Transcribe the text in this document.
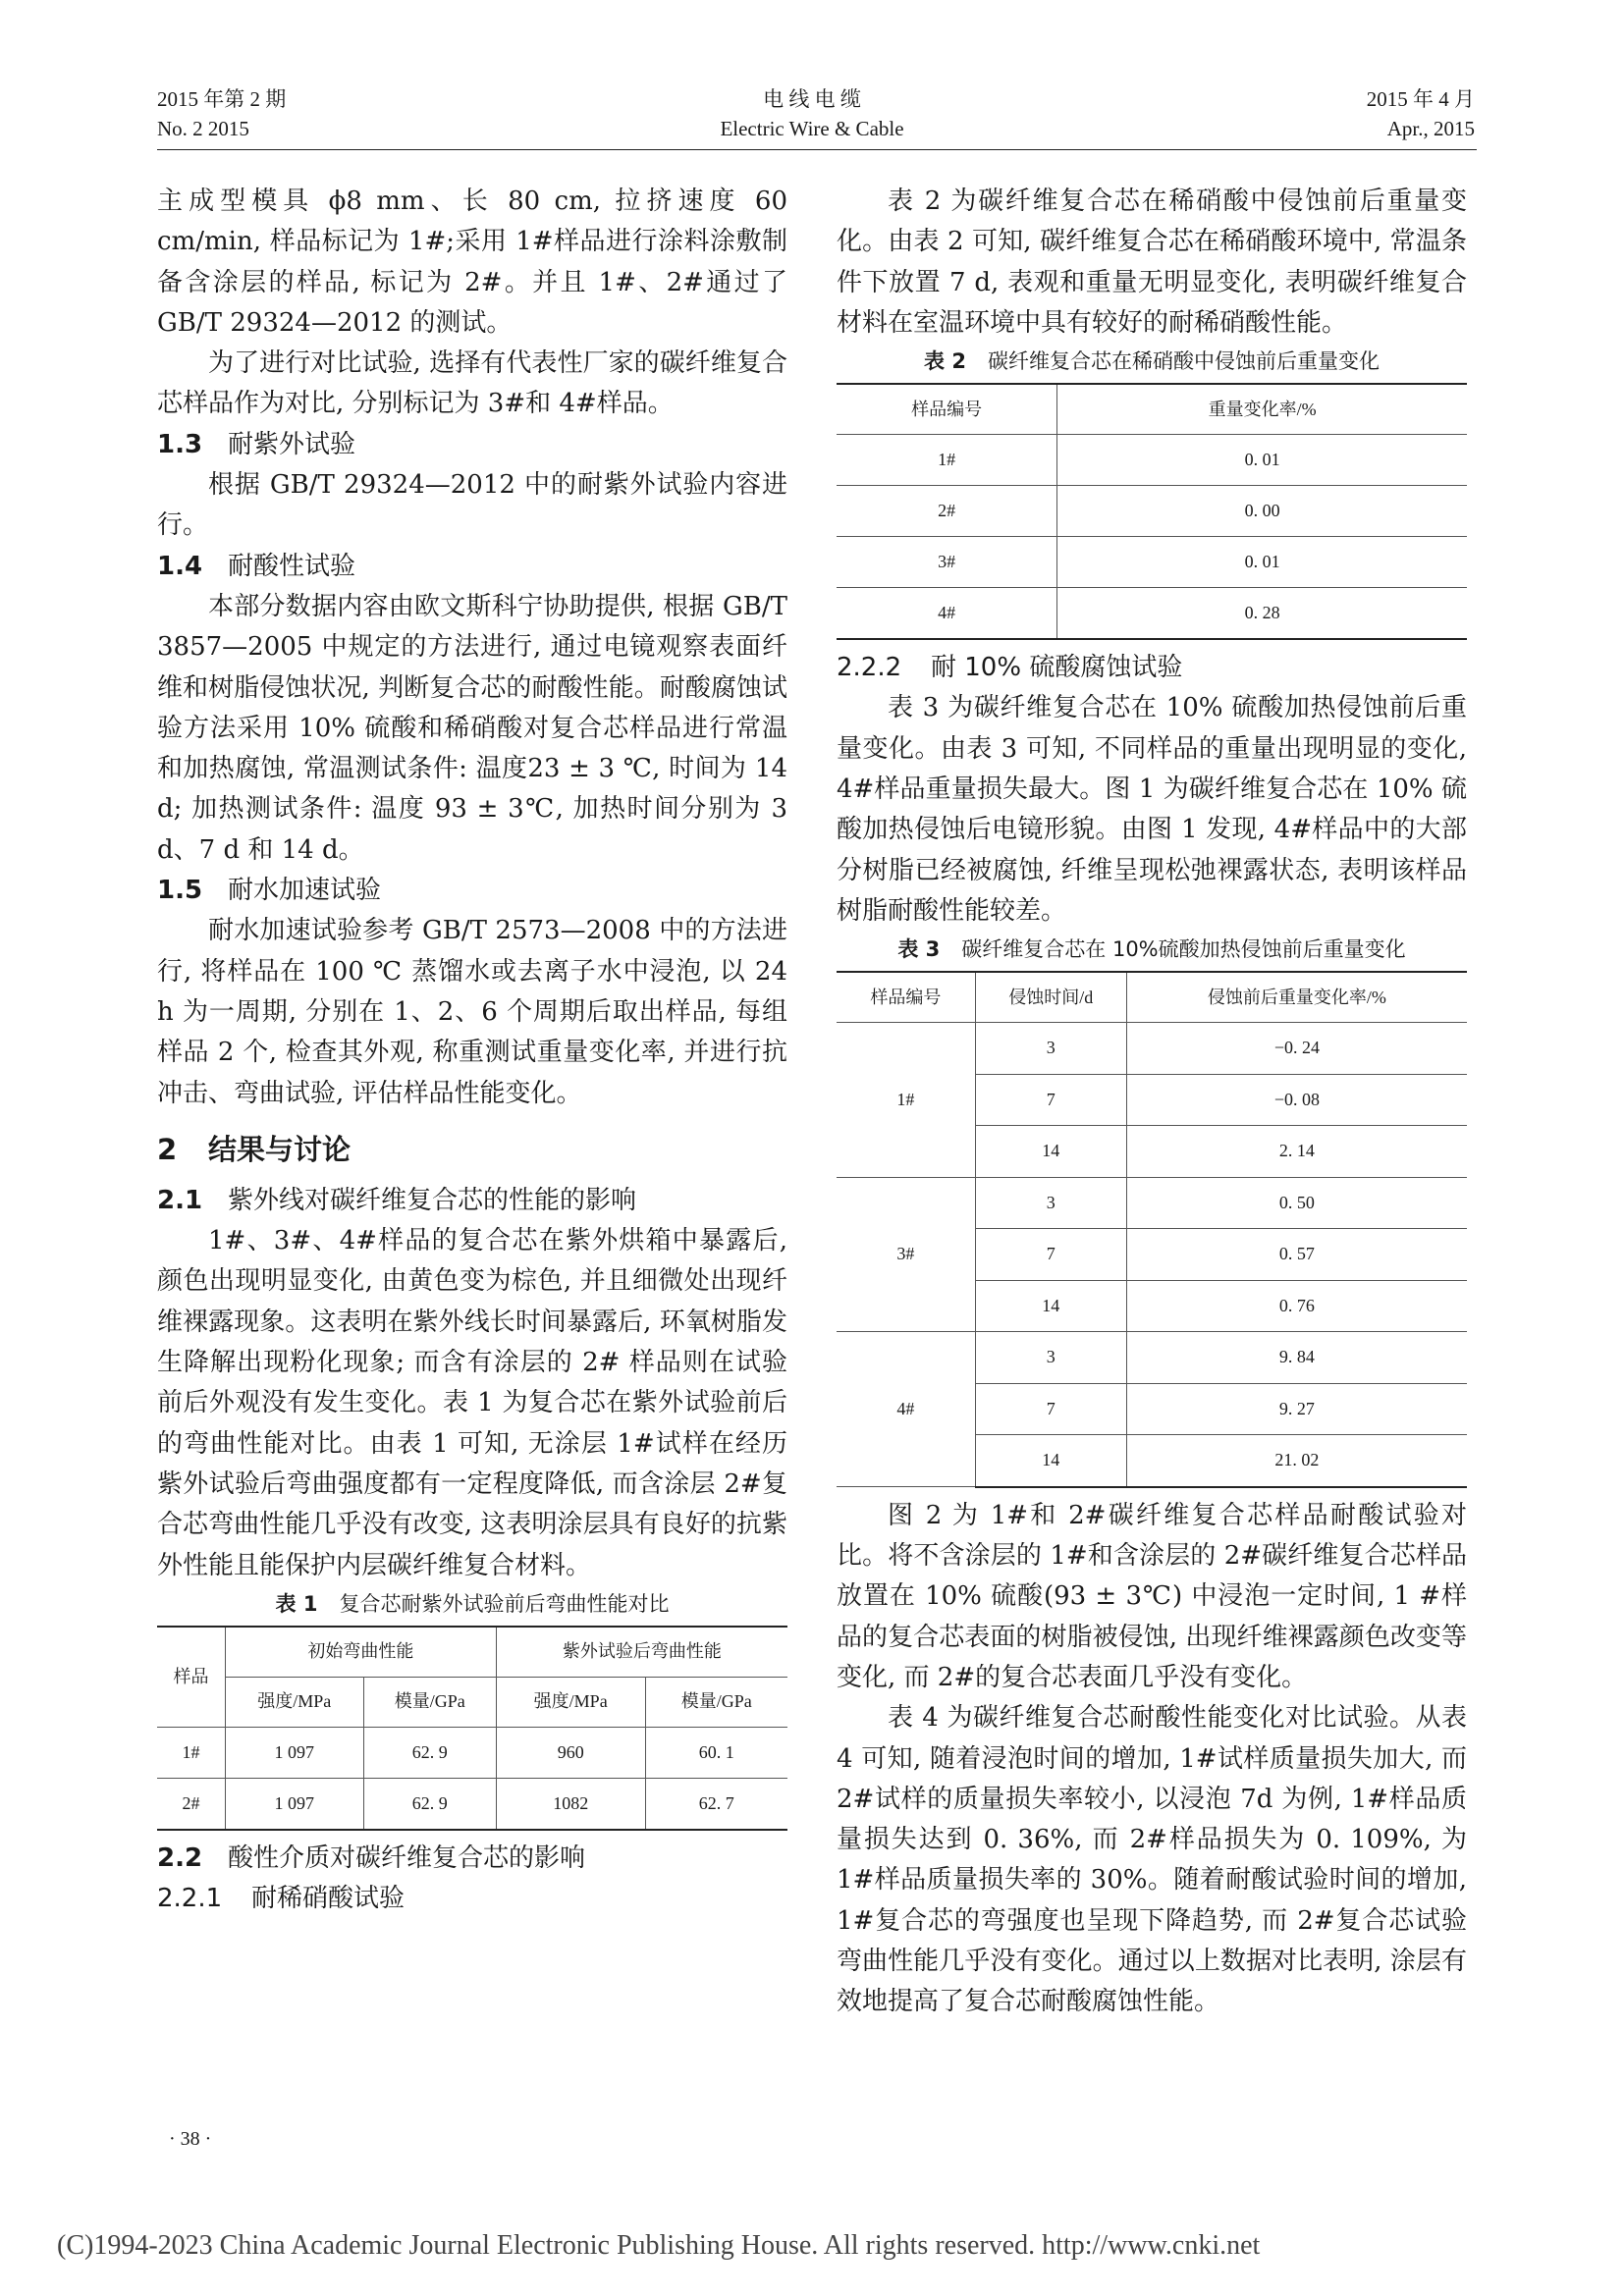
2015 年第 2 期
No. 2 2015
电 线 电 缆
Electric Wire & Cable
2015 年 4 月
Apr., 2015

主成型模具 ϕ8 mm、长 80 cm, 拉挤速度 60 cm/min, 样品标记为 1#;采用 1#样品进行涂料涂敷制备含涂层的样品, 标记为 2#。并且 1#、2#通过了 GB/T 29324—2012 的测试。

为了进行对比试验, 选择有代表性厂家的碳纤维复合芯样品作为对比, 分别标记为 3#和 4#样品。

1.3 耐紫外试验

根据 GB/T 29324—2012 中的耐紫外试验内容进行。

1.4 耐酸性试验

本部分数据内容由欧文斯科宁协助提供, 根据 GB/T 3857—2005 中规定的方法进行, 通过电镜观察表面纤维和树脂侵蚀状况, 判断复合芯的耐酸性能。耐酸腐蚀试验方法采用 10% 硫酸和稀硝酸对复合芯样品进行常温和加热腐蚀, 常温测试条件: 温度23 ± 3 ℃, 时间为 14 d; 加热测试条件: 温度 93 ± 3℃, 加热时间分别为 3 d、7 d 和 14 d。

1.5 耐水加速试验

耐水加速试验参考 GB/T 2573—2008 中的方法进行, 将样品在 100 ℃ 蒸馏水或去离子水中浸泡, 以 24 h 为一周期, 分别在 1、2、6 个周期后取出样品, 每组样品 2 个, 检查其外观, 称重测试重量变化率, 并进行抗冲击、弯曲试验, 评估样品性能变化。

2 结果与讨论
2.1 紫外线对碳纤维复合芯的性能的影响

1#、3#、4#样品的复合芯在紫外烘箱中暴露后, 颜色出现明显变化, 由黄色变为棕色, 并且细微处出现纤维裸露现象。这表明在紫外线长时间暴露后, 环氧树脂发生降解出现粉化现象; 而含有涂层的 2# 样品则在试验前后外观没有发生变化。表 1 为复合芯在紫外试验前后的弯曲性能对比。由表 1 可知, 无涂层 1#试样在经历紫外试验后弯曲强度都有一定程度降低, 而含涂层 2#复合芯弯曲性能几乎没有改变, 这表明涂层具有良好的抗紫外性能且能保护内层碳纤维复合材料。

表 1 复合芯耐紫外试验前后弯曲性能对比
样品	初始弯曲性能		紫外试验后弯曲性能	
	强度/MPa	模量/GPa	强度/MPa	模量/GPa
1#	1 097	62. 9	960	60. 1
2#	1 097	62. 9	1082	62. 7
2.2 酸性介质对碳纤维复合芯的影响
2.2.1 耐稀硝酸试验

表 2 为碳纤维复合芯在稀硝酸中侵蚀前后重量变化。由表 2 可知, 碳纤维复合芯在稀硝酸环境中, 常温条件下放置 7 d, 表观和重量无明显变化, 表明碳纤维复合材料在室温环境中具有较好的耐稀硝酸性能。

表 2 碳纤维复合芯在稀硝酸中侵蚀前后重量变化
样品编号	重量变化率/%
1#	0. 01
2#	0. 00
3#	0. 01
4#	0. 28
2.2.2 耐 10% 硫酸腐蚀试验

表 3 为碳纤维复合芯在 10% 硫酸加热侵蚀前后重量变化。由表 3 可知, 不同样品的重量出现明显的变化, 4#样品重量损失最大。图 1 为碳纤维复合芯在 10% 硫酸加热侵蚀后电镜形貌。由图 1 发现, 4#样品中的大部分树脂已经被腐蚀, 纤维呈现松弛裸露状态, 表明该样品树脂耐酸性能较差。

表 3 碳纤维复合芯在 10%硫酸加热侵蚀前后重量变化
样品编号	侵蚀时间/d	侵蚀前后重量变化率/%
1#	3	−0. 24
	7	−0. 08
	14	2. 14
3#	3	0. 50
	7	0. 57
	14	0. 76
4#	3	9. 84
	7	9. 27
	14	21. 02

图 2 为 1#和 2#碳纤维复合芯样品耐酸试验对比。将不含涂层的 1#和含涂层的 2#碳纤维复合芯样品放置在 10% 硫酸(93 ± 3℃) 中浸泡一定时间, 1 #样品的复合芯表面的树脂被侵蚀, 出现纤维裸露颜色改变等变化, 而 2#的复合芯表面几乎没有变化。

表 4 为碳纤维复合芯耐酸性能变化对比试验。从表 4 可知, 随着浸泡时间的增加, 1#试样质量损失加大, 而 2#试样的质量损失率较小, 以浸泡 7d 为例, 1#样品质量损失达到 0. 36%, 而 2#样品损失为 0. 109%, 为 1#样品质量损失率的 30%。随着耐酸试验时间的增加, 1#复合芯的弯强度也呈现下降趋势, 而 2#复合芯试验弯曲性能几乎没有变化。通过以上数据对比表明, 涂层有效地提高了复合芯耐酸腐蚀性能。

· 38 ·
(C)1994-2023 China Academic Journal Electronic Publishing House. All rights reserved. http://www.cnki.net
